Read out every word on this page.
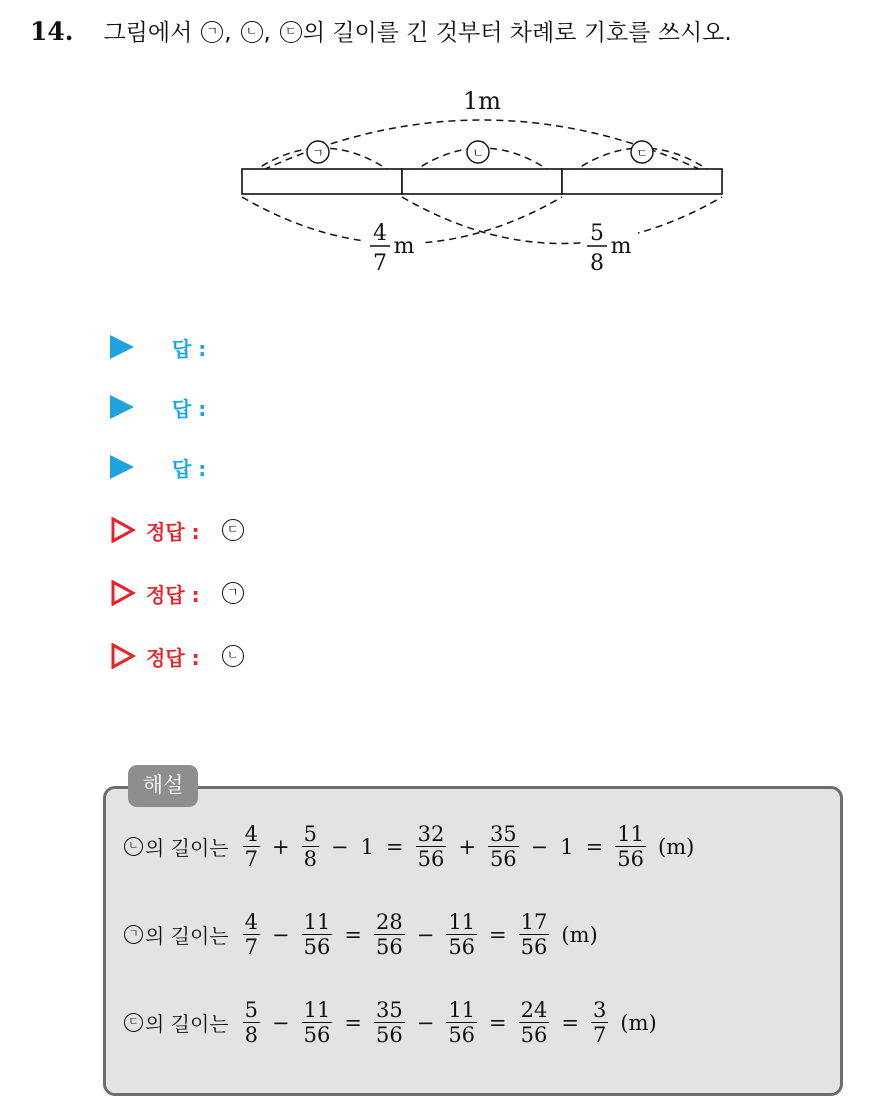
14. 그림에서 ㄱ , ㄴ , ㄷ 의 길이를 긴 것부터 차례로 기호를 쓰시오.
1m
ㄱ	ㄴ	ㄷ
4
7
m
5
8
m
답 :
답 :
답 :
정답 :	ㄷ
정답 :	ㄱ
정답 :	ㄴ
해설
ㄴ 의 길이는 $\frac{4}{7} + \frac{5}{8} - 1 = \frac{32}{56} + \frac{35}{56} - 1 = \frac{11}{56} (m)$
ㄱ 의 길이는 $\frac{4}{7} - \frac{11}{56} = \frac{28}{56} - \frac{11}{56} = \frac{17}{56} (m)$
ㄷ 의 길이는 $\frac{5}{8} - \frac{11}{56} = \frac{35}{56} - \frac{11}{56} = \frac{24}{56} = \frac{3}{7} (m)$
